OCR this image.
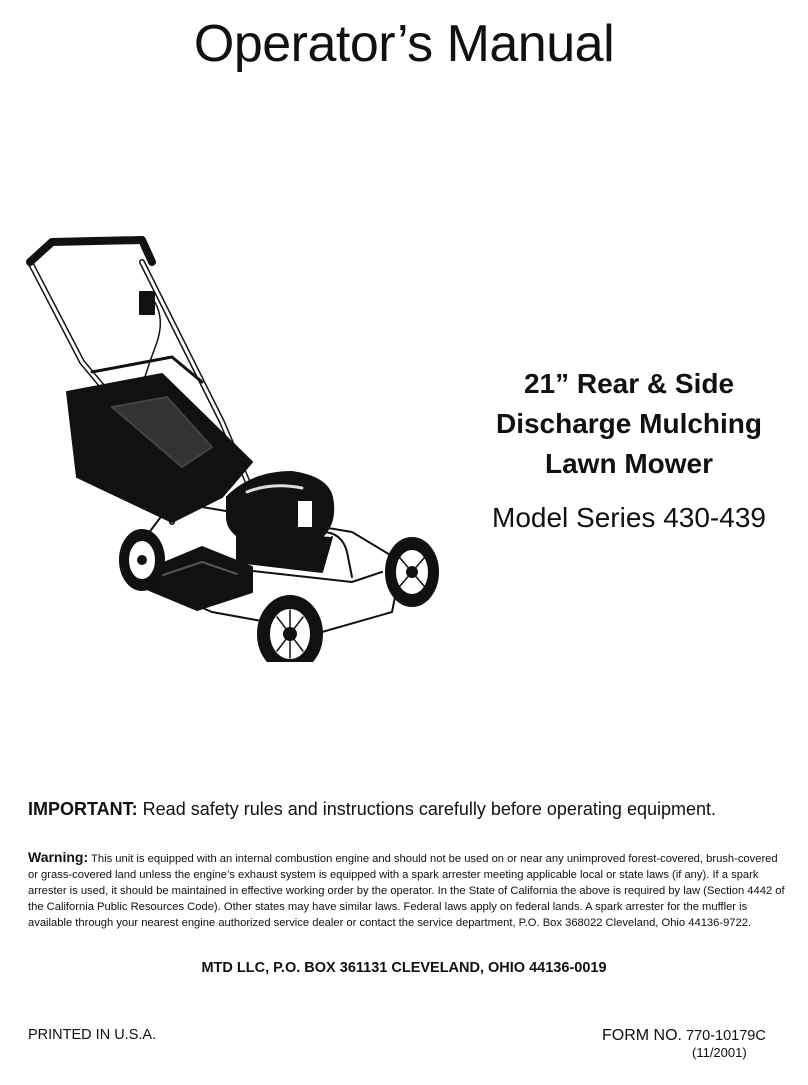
Operator’s Manual
21” Rear & Side
Discharge Mulching
Lawn Mower
Model Series 430-439
IMPORTANT: Read safety rules and instructions carefully before operating equipment.
Warning: This unit is equipped with an internal combustion engine and should not be used on or near any unimproved forest-covered, brush-covered or grass-covered land unless the engine’s exhaust system is equipped with a spark arrester meeting applicable local or state laws (if any). If a spark arrester is used, it should be maintained in effective working order by the operator. In the State of California the above is required by law (Section 4442 of the California Public Resources Code). Other states may have similar laws. Federal laws apply on federal lands. A spark arrester for the muffler is available through your nearest engine authorized service dealer or contact the service department, P.O. Box 368022 Cleveland, Ohio 44136-9722.
MTD LLC, P.O. BOX 361131 CLEVELAND, OHIO 44136-0019
PRINTED IN U.S.A.	FORM NO. 770-10179C
(11/2001)
